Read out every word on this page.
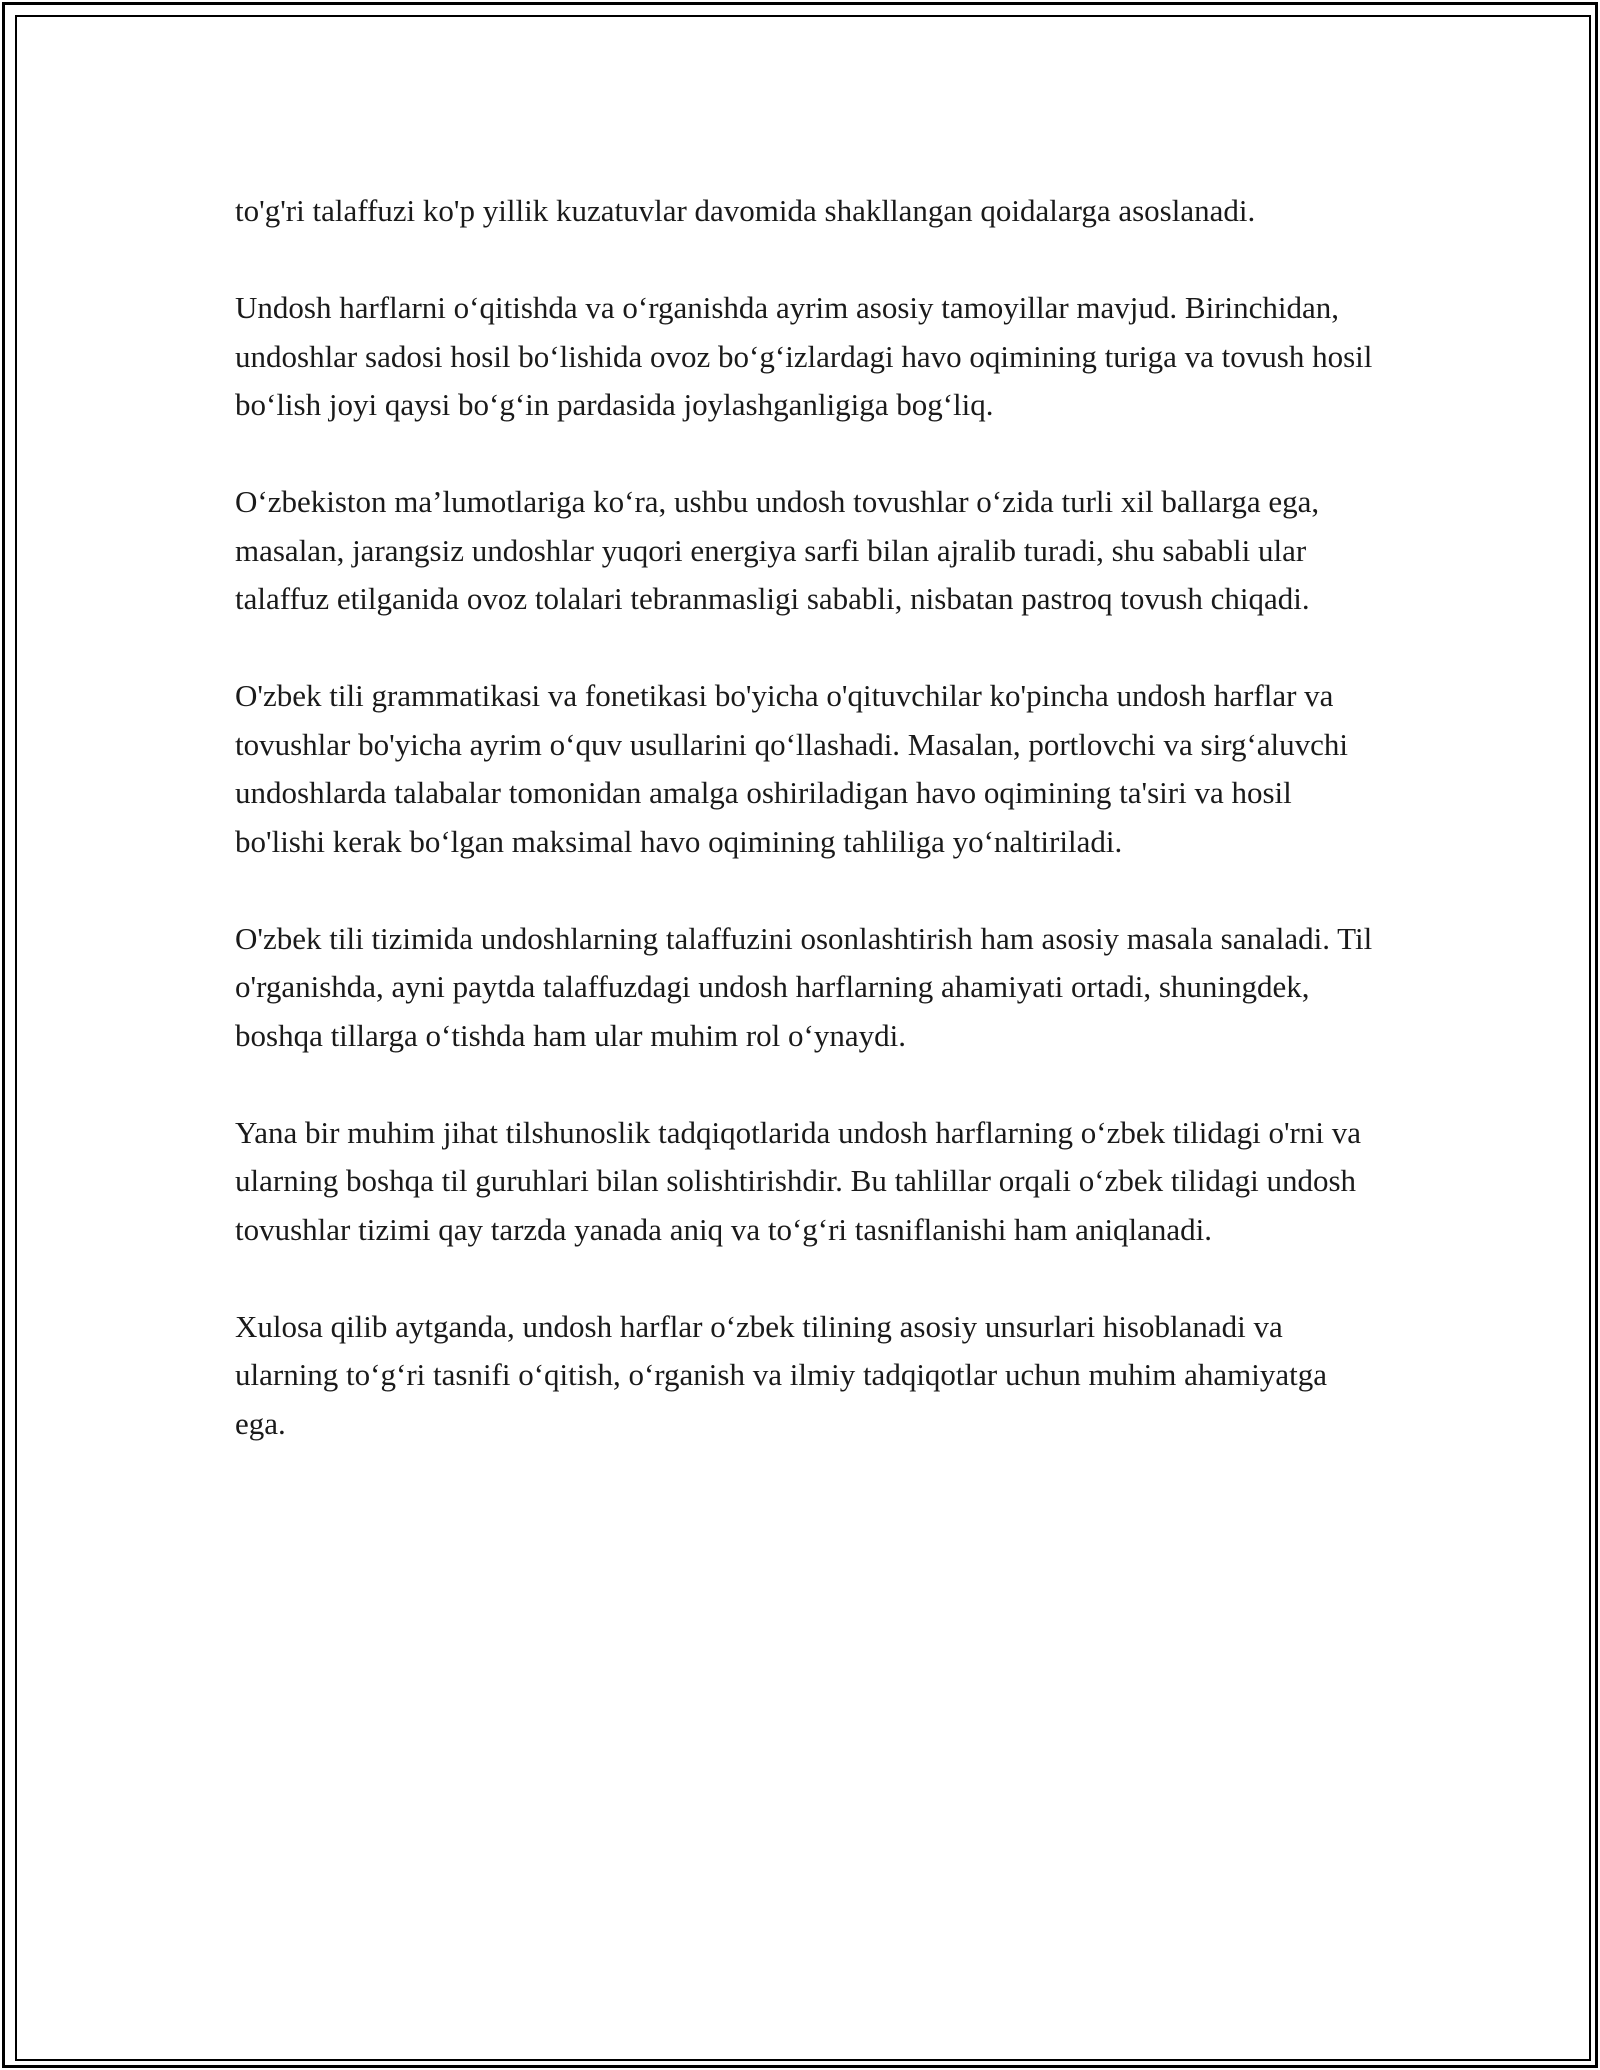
to'g'ri talaffuzi ko'p yillik kuzatuvlar davomida shakllangan qoidalarga asoslanadi.

Undosh harflarni o‘qitishda va o‘rganishda ayrim asosiy tamoyillar mavjud. Birinchidan, undoshlar sadosi hosil bo‘lishida ovoz bo‘g‘izlardagi havo oqimining turiga va tovush hosil bo‘lish joyi qaysi bo‘g‘in pardasida joylashganligiga bog‘liq.

O‘zbekiston ma’lumotlariga ko‘ra, ushbu undosh tovushlar o‘zida turli xil ballarga ega, masalan, jarangsiz undoshlar yuqori energiya sarfi bilan ajralib turadi, shu sababli ular talaffuz etilganida ovoz tolalari tebranmasligi sababli, nisbatan pastroq tovush chiqadi.

O'zbek tili grammatikasi va fonetikasi bo'yicha o'qituvchilar ko'pincha undosh harflar va tovushlar bo'yicha ayrim o‘quv usullarini qo‘llashadi. Masalan, portlovchi va sirg‘aluvchi undoshlarda talabalar tomonidan amalga oshiriladigan havo oqimining ta'siri va hosil bo'lishi kerak bo‘lgan maksimal havo oqimining tahliliga yo‘naltiriladi.

O'zbek tili tizimida undoshlarning talaffuzini osonlashtirish ham asosiy masala sanaladi. Til o'rganishda, ayni paytda talaffuzdagi undosh harflarning ahamiyati ortadi, shuningdek, boshqa tillarga o‘tishda ham ular muhim rol o‘ynaydi.

Yana bir muhim jihat tilshunoslik tadqiqotlarida undosh harflarning o‘zbek tilidagi o'rni va ularning boshqa til guruhlari bilan solishtirishdir. Bu tahlillar orqali o‘zbek tilidagi undosh tovushlar tizimi qay tarzda yanada aniq va to‘g‘ri tasniflanishi ham aniqlanadi.

Xulosa qilib aytganda, undosh harflar o‘zbek tilining asosiy unsurlari hisoblanadi va ularning to‘g‘ri tasnifi o‘qitish, o‘rganish va ilmiy tadqiqotlar uchun muhim ahamiyatga ega.
